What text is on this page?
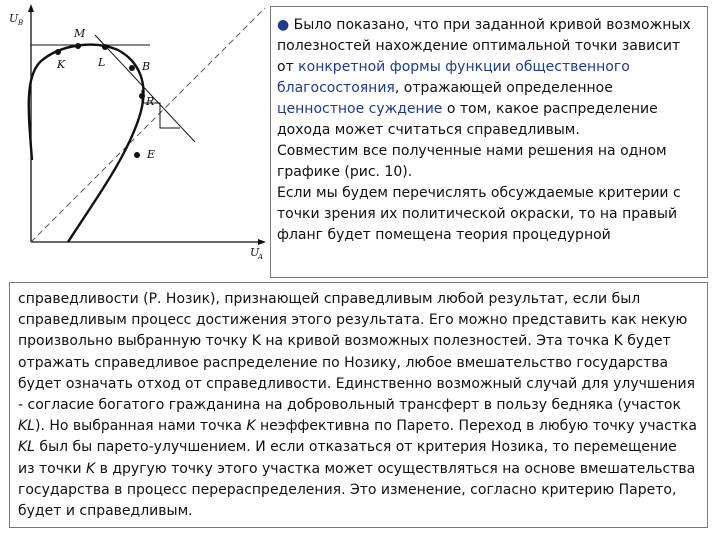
U B
U
A
M
K	L	B
R
E

● Было показано, что при заданной кривой возможных полезностей нахождение оптимальной точки зависит от конкретной формы функции общественного благосостояния, отражающей определенное ценностное суждение о том, какое распределение дохода может считаться справедливым.

Совместим все полученные нами решения на одном графике (рис. 10).

Если мы будем перечислять обсуждаемые критерии с точки зрения их политической окраски, то на правый фланг будет помещена теория процедурной

справедливости (Р. Нозик), признающей справедливым любой результат, если был справедливым процесс достижения этого результата. Его можно представить как некую произвольно выбранную точку K на кривой возможных полезностей. Эта точка K будет отражать справедливое распределение по Нозику, любое вмешательство государства будет означать отход от справедливости. Единственно возможный случай для улучшения - согласие богатого гражданина на добровольный трансферт в пользу бедняка (участок KL). Но выбранная нами точка K неэффективна по Парето. Переход в любую точку участка KL был бы парето-улучшением. И если отказаться от критерия Нозика, то перемещение из точки K в другую точку этого участка может осуществляться на основе вмешательства государства в процесс перераспределения. Это изменение, согласно критерию Парето, будет и справедливым.
